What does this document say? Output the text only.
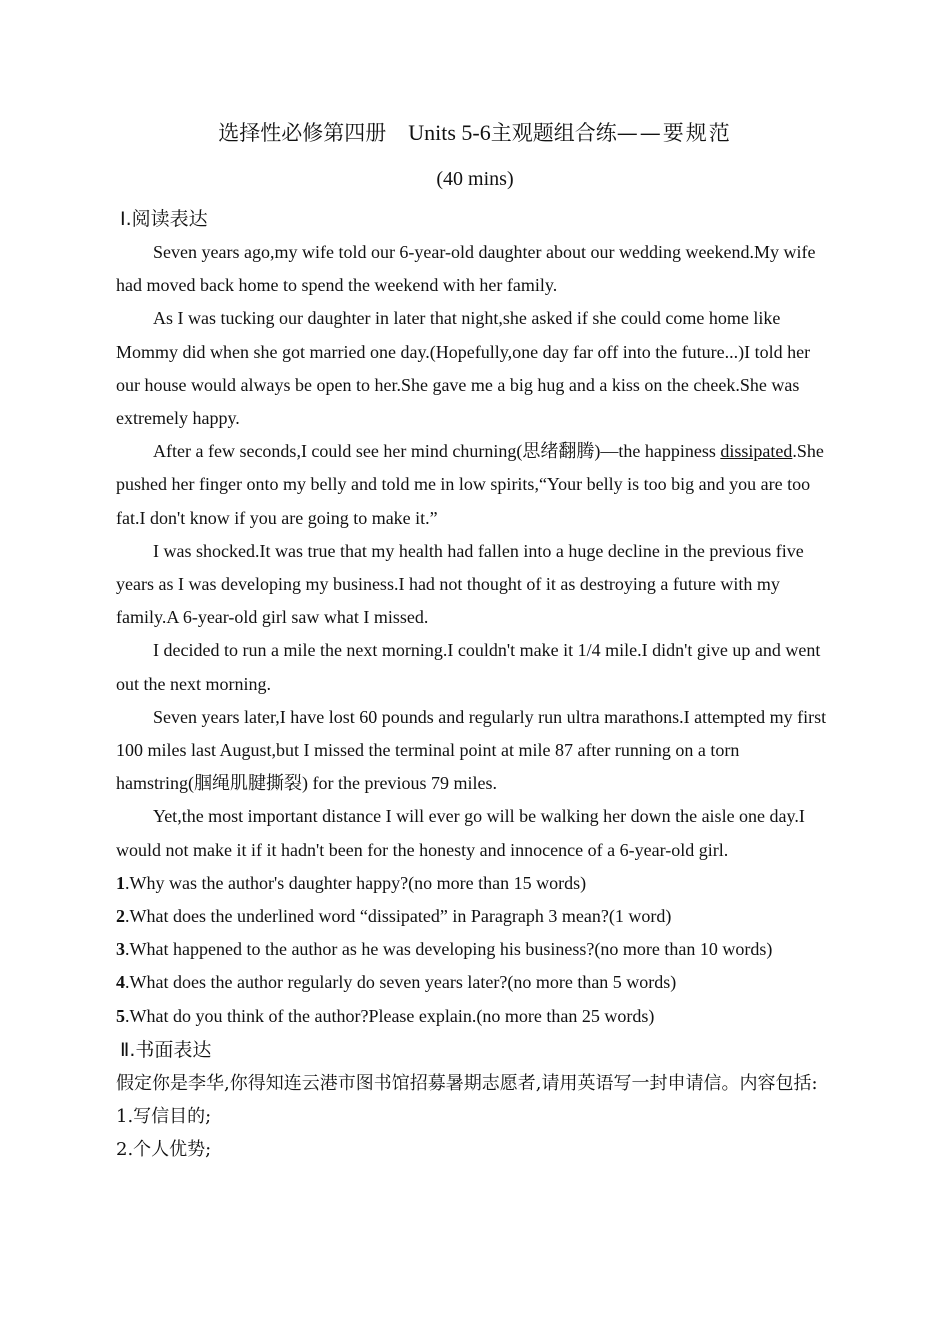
选择性必修第四册 Units 5-6主观题组合练——要规范
(40 mins)

Ⅰ.阅读表达

Seven years ago,my wife told our 6-year-old daughter about our wedding weekend.My wife had moved back home to spend the weekend with her family.

As I was tucking our daughter in later that night,she asked if she could come home like Mommy did when she got married one day.(Hopefully,one day far off into the future...)I told her our house would always be open to her.She gave me a big hug and a kiss on the cheek.She was extremely happy.

After a few seconds,I could see her mind churning(思绪翻腾)—the happiness dissipated.She pushed her finger onto my belly and told me in low spirits,“Your belly is too big and you are too fat.I don't know if you are going to make it.”

I was shocked.It was true that my health had fallen into a huge decline in the previous five years as I was developing my business.I had not thought of it as destroying a future with my family.A 6-year-old girl saw what I missed.

I decided to run a mile the next morning.I couldn't make it 1/4 mile.I didn't give up and went out the next morning.

Seven years later,I have lost 60 pounds and regularly run ultra marathons.I attempted my first 100 miles last August,but I missed the terminal point at mile 87 after running on a torn hamstring(腘绳肌腱撕裂) for the previous 79 miles.

Yet,the most important distance I will ever go will be walking her down the aisle one day.I would not make it if it hadn't been for the honesty and innocence of a 6-year-old girl.

1.Why was the author's daughter happy?(no more than 15 words)

2.What does the underlined word “dissipated” in Paragraph 3 mean?(1 word)

3.What happened to the author as he was developing his business?(no more than 10 words)

4.What does the author regularly do seven years later?(no more than 5 words)

5.What do you think of the author?Please explain.(no more than 25 words)

Ⅱ.书面表达

假定你是李华,你得知连云港市图书馆招募暑期志愿者,请用英语写一封申请信。内容包括:

1.写信目的;

2.个人优势;
